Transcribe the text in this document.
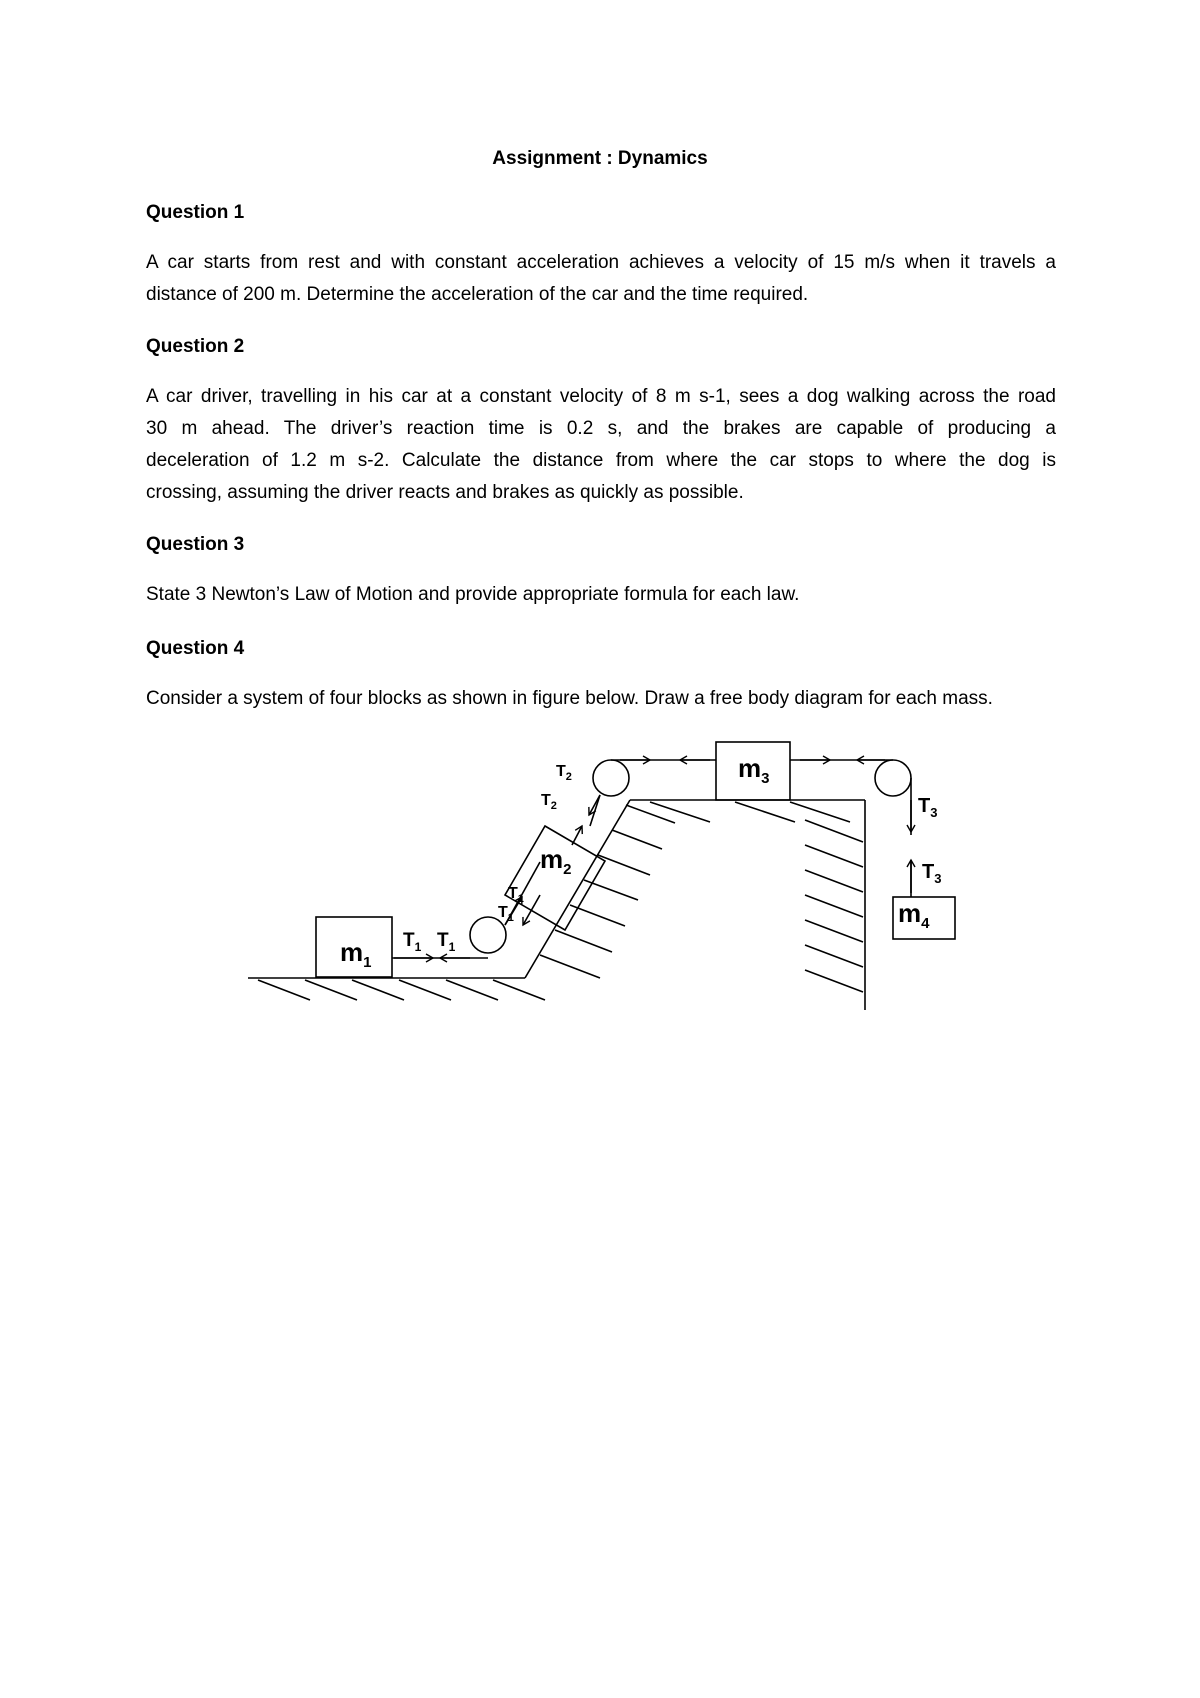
Assignment : Dynamics
Question 1
A car starts from rest and with constant acceleration achieves a velocity of 15 m/s when it travels a
distance of 200 m. Determine the acceleration of the car and the time required.
Question 2
A car driver, travelling in his car at a constant velocity of 8 m s-1, sees a dog walking across the road
30 m ahead. The driver’s reaction time is 0.2 s, and the brakes are capable of producing a
deceleration of 1.2 m s-2. Calculate the distance from where the car stops to where the dog is
crossing, assuming the driver reacts and brakes as quickly as possible.
Question 3
State 3 Newton’s Law of Motion and provide appropriate formula for each law.
Question 4
Consider a system of four blocks as shown in figure below. Draw a free body diagram for each mass.
$m_1$
$m_2$
$m_3$
$m_4$
$T_1$ $T_1$
$T_1$
$T_1$
$T_2$
$T_2$	$T_3$
$T_3$
